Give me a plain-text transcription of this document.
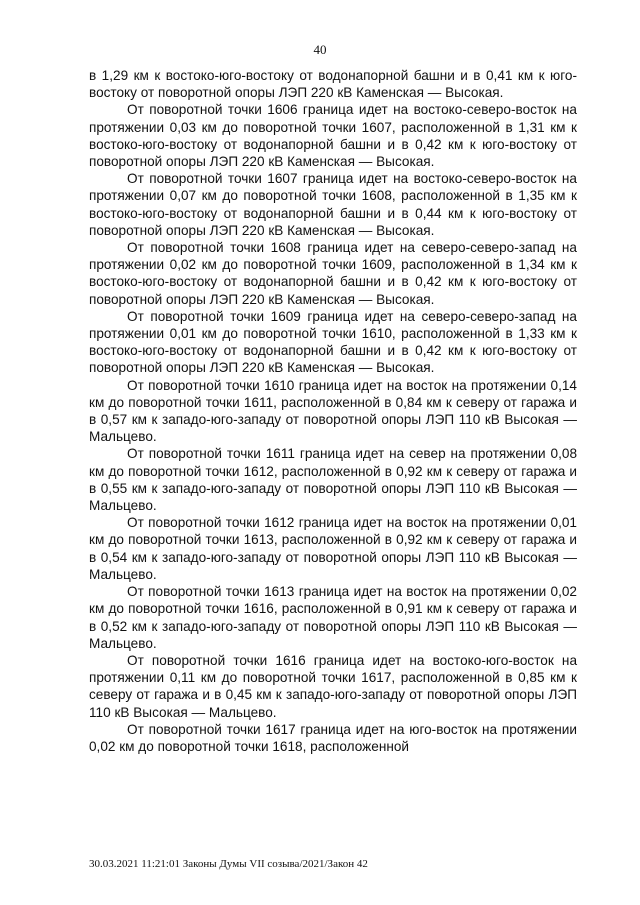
40

в 1,29 км к востоко-юго-востоку от водонапорной башни и в 0,41 км к юго-востоку от поворотной опоры ЛЭП 220 кВ Каменская — Высокая.

От поворотной точки 1606 граница идет на востоко-северо-восток на протяжении 0,03 км до поворотной точки 1607, расположенной в 1,31 км к востоко-юго-востоку от водонапорной башни и в 0,42 км к юго-востоку от поворотной опоры ЛЭП 220 кВ Каменская — Высокая.

От поворотной точки 1607 граница идет на востоко-северо-восток на протяжении 0,07 км до поворотной точки 1608, расположенной в 1,35 км к востоко-юго-востоку от водонапорной башни и в 0,44 км к юго-востоку от поворотной опоры ЛЭП 220 кВ Каменская — Высокая.

От поворотной точки 1608 граница идет на северо-северо-запад на протяжении 0,02 км до поворотной точки 1609, расположенной в 1,34 км к востоко-юго-востоку от водонапорной башни и в 0,42 км к юго-востоку от поворотной опоры ЛЭП 220 кВ Каменская — Высокая.

От поворотной точки 1609 граница идет на северо-северо-запад на протяжении 0,01 км до поворотной точки 1610, расположенной в 1,33 км к востоко-юго-востоку от водонапорной башни и в 0,42 км к юго-востоку от поворотной опоры ЛЭП 220 кВ Каменская — Высокая.

От поворотной точки 1610 граница идет на восток на протяжении 0,14 км до поворотной точки 1611, расположенной в 0,84 км к северу от гаража и в 0,57 км к западо-юго-западу от поворотной опоры ЛЭП 110 кВ Высокая — Мальцево.

От поворотной точки 1611 граница идет на север на протяжении 0,08 км до поворотной точки 1612, расположенной в 0,92 км к северу от гаража и в 0,55 км к западо-юго-западу от поворотной опоры ЛЭП 110 кВ Высокая — Мальцево.

От поворотной точки 1612 граница идет на восток на протяжении 0,01 км до поворотной точки 1613, расположенной в 0,92 км к северу от гаража и в 0,54 км к западо-юго-западу от поворотной опоры ЛЭП 110 кВ Высокая — Мальцево.

От поворотной точки 1613 граница идет на восток на протяжении 0,02 км до поворотной точки 1616, расположенной в 0,91 км к северу от гаража и в 0,52 км к западо-юго-западу от поворотной опоры ЛЭП 110 кВ Высокая — Мальцево.

От поворотной точки 1616 граница идет на востоко-юго-восток на протяжении 0,11 км до поворотной точки 1617, расположенной в 0,85 км к северу от гаража и в 0,45 км к западо-юго-западу от поворотной опоры ЛЭП 110 кВ Высокая — Мальцево.

От поворотной точки 1617 граница идет на юго-восток на протяжении 0,02 км до поворотной точки 1618, расположенной

30.03.2021 11:21:01 Законы Думы VII созыва/2021/Закон 42
